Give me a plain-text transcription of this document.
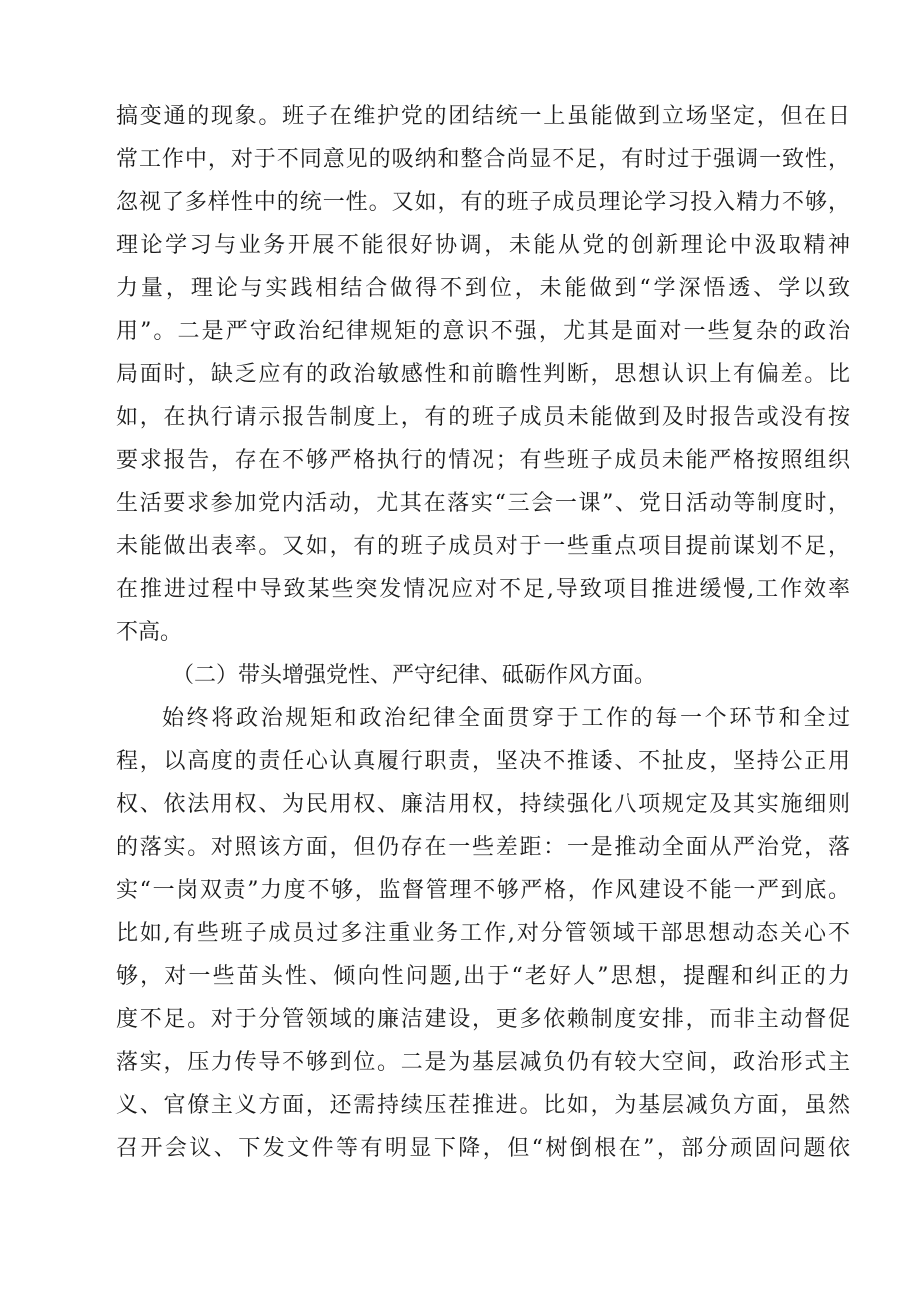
搞变通的现象。班子在维护党的团结统一上虽能做到立场坚定，但在日
常工作中，对于不同意见的吸纳和整合尚显不足，有时过于强调一致性，
忽视了多样性中的统一性。又如，有的班子成员理论学习投入精力不够，
理论学习与业务开展不能很好协调，未能从党的创新理论中汲取精神
力量，理论与实践相结合做得不到位，未能做到“学深悟透、学以致
用”。二是严守政治纪律规矩的意识不强，尤其是面对一些复杂的政治
局面时，缺乏应有的政治敏感性和前瞻性判断，思想认识上有偏差。比
如，在执行请示报告制度上，有的班子成员未能做到及时报告或没有按
要求报告，存在不够严格执行的情况；有些班子成员未能严格按照组织
生活要求参加党内活动，尤其在落实“三会一课”、党日活动等制度时，
未能做出表率。又如，有的班子成员对于一些重点项目提前谋划不足，
在推进过程中导致某些突发情况应对不足,导致项目推进缓慢,工作效率
不高。
（二）带头增强党性、严守纪律、砥砺作风方面。
始终将政治规矩和政治纪律全面贯穿于工作的每一个环节和全过
程，以高度的责任心认真履行职责，坚决不推诿、不扯皮，坚持公正用
权、依法用权、为民用权、廉洁用权，持续强化八项规定及其实施细则
的落实。对照该方面，但仍存在一些差距：一是推动全面从严治党，落
实“一岗双责”力度不够，监督管理不够严格，作风建设不能一严到底。
比如,有些班子成员过多注重业务工作,对分管领域干部思想动态关心不
够，对一些苗头性、倾向性问题,出于“老好人”思想，提醒和纠正的力
度不足。对于分管领域的廉洁建设，更多依赖制度安排，而非主动督促
落实，压力传导不够到位。二是为基层减负仍有较大空间，政治形式主
义、官僚主义方面，还需持续压茬推进。比如，为基层减负方面，虽然
召开会议、下发文件等有明显下降，但“树倒根在”，部分顽固问题依
